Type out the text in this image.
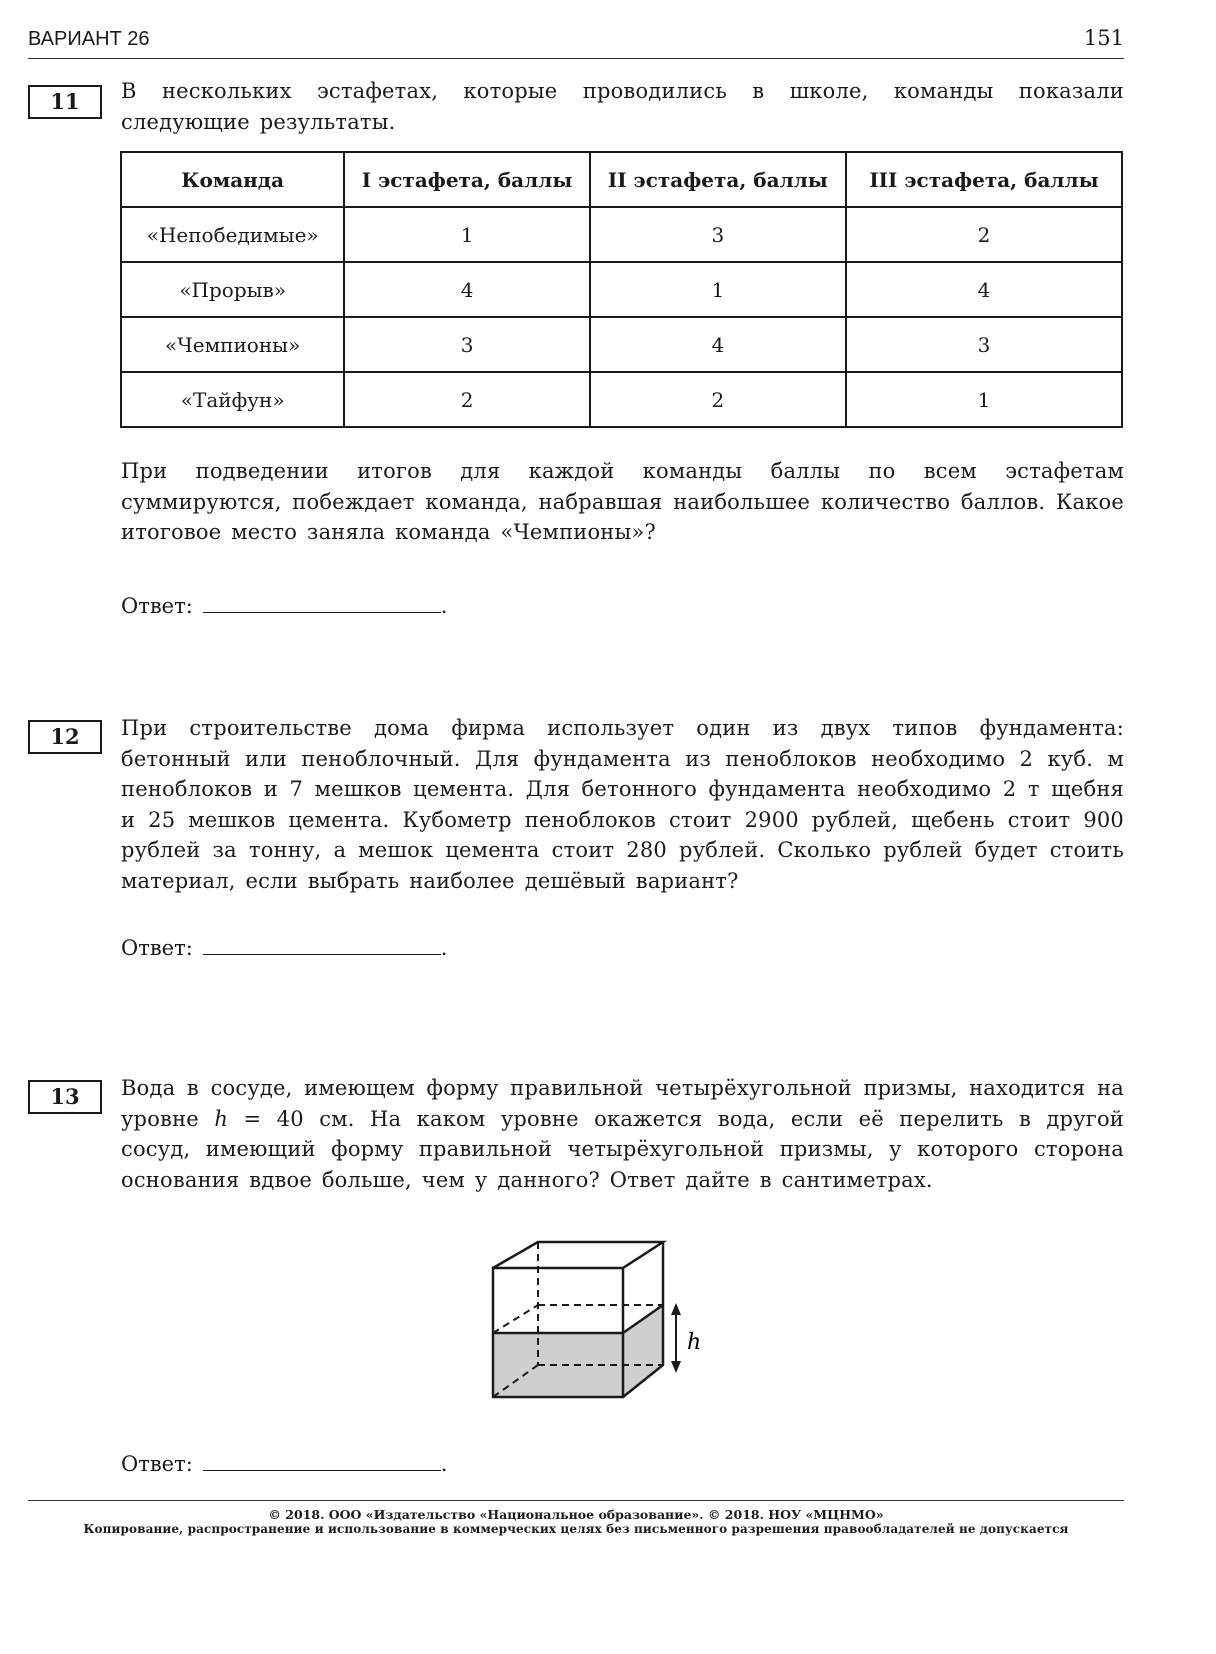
ВАРИАНТ 26	151
11	В нескольких эстафетах, которые проводились в школе, команды показали следующие результаты.
Команда	I эстафета, баллы	II эстафета, баллы	III эстафета, баллы
«Непобедимые»	1	3	2
«Прорыв»	4	1	4
«Чемпионы»	3	4	3
«Тайфун»	2	2	1
При подведении итогов для каждой команды баллы по всем эстафетам суммируются, побеждает команда, набравшая наибольшее количество баллов. Какое итоговое место заняла команда «Чемпионы»?
Ответ:	.
12	При строительстве дома фирма использует один из двух типов фундамента: бетонный или пеноблочный. Для фундамента из пеноблоков необходимо 2 куб. м пеноблоков и 7 мешков цемента. Для бетонного фундамента необходимо 2 т щебня и 25 мешков цемента. Кубометр пеноблоков стоит 2900 рублей, щебень стоит 900 рублей за тонну, а мешок цемента стоит 280 рублей. Сколько рублей будет стоить материал, если выбрать наиболее дешёвый вариант?
Ответ:	.
13	Вода в сосуде, имеющем форму правильной четырёхугольной призмы, находится на уровне h = 40 см. На каком уровне окажется вода, если её перелить в другой сосуд, имеющий форму правильной четырёхугольной призмы, у которого сторона основания вдвое больше, чем у данного? Ответ дайте в сантиметрах.
h
Ответ:	.
© 2018. ООО «Издательство «Национальное образование». © 2018. НОУ «МЦНМО»
Копирование, распространение и использование в коммерческих целях без письменного разрешения правообладателей не допускается
